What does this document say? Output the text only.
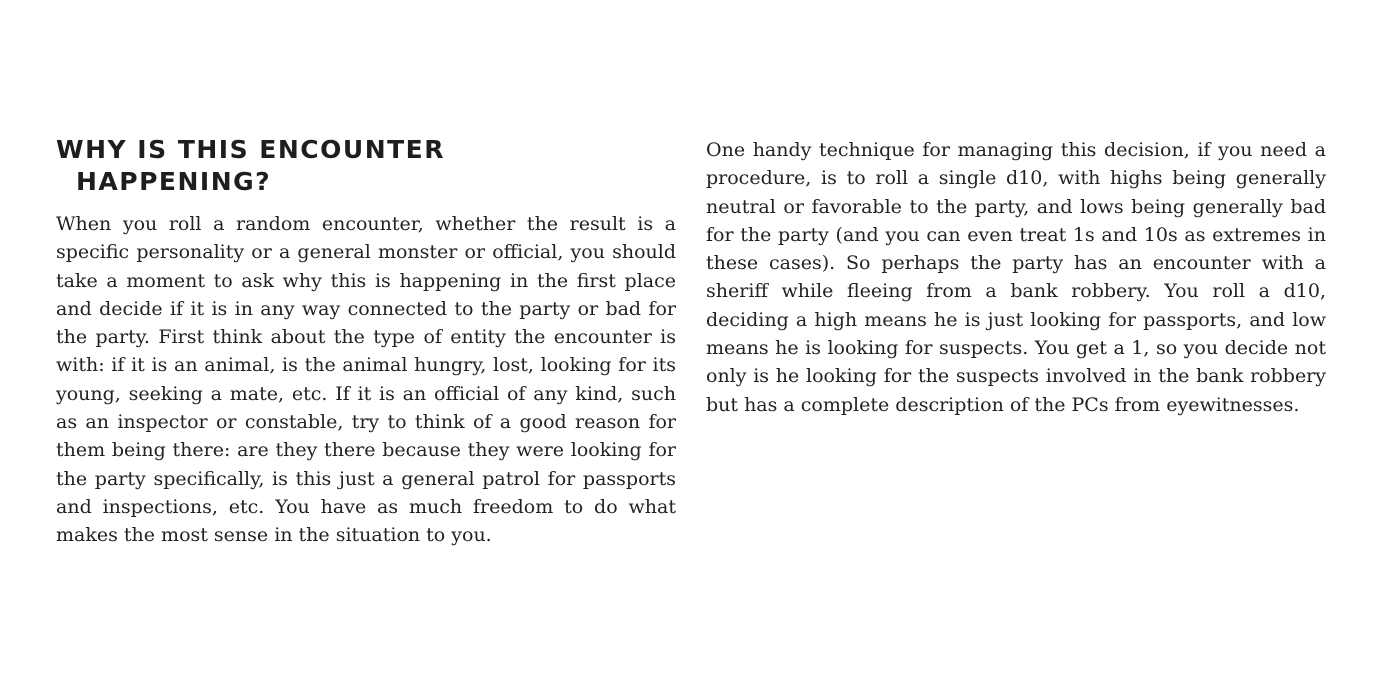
WHY IS THIS ENCOUNTER
HAPPENING?

When you roll a random encounter, whether the result is a specific personality or a general monster or official, you should take a moment to ask why this is happening in the first place and decide if it is in any way connected to the party or bad for the party. First think about the type of entity the encounter is with: if it is an animal, is the animal hungry, lost, looking for its young, seeking a mate, etc. If it is an official of any kind, such as an inspector or constable, try to think of a good reason for them being there: are they there because they were looking for the party specifically, is this just a general patrol for passports and inspections, etc. You have as much freedom to do what makes the most sense in the situation to you.

One handy technique for managing this decision, if you need a procedure, is to roll a single d10, with highs being generally neutral or favorable to the party, and lows being generally bad for the party (and you can even treat 1s and 10s as extremes in these cases). So perhaps the party has an encounter with a sheriff while fleeing from a bank robbery. You roll a d10, deciding a high means he is just looking for passports, and low means he is looking for suspects. You get a 1, so you decide not only is he looking for the suspects involved in the bank robbery but has a complete description of the PCs from eyewitnesses.
